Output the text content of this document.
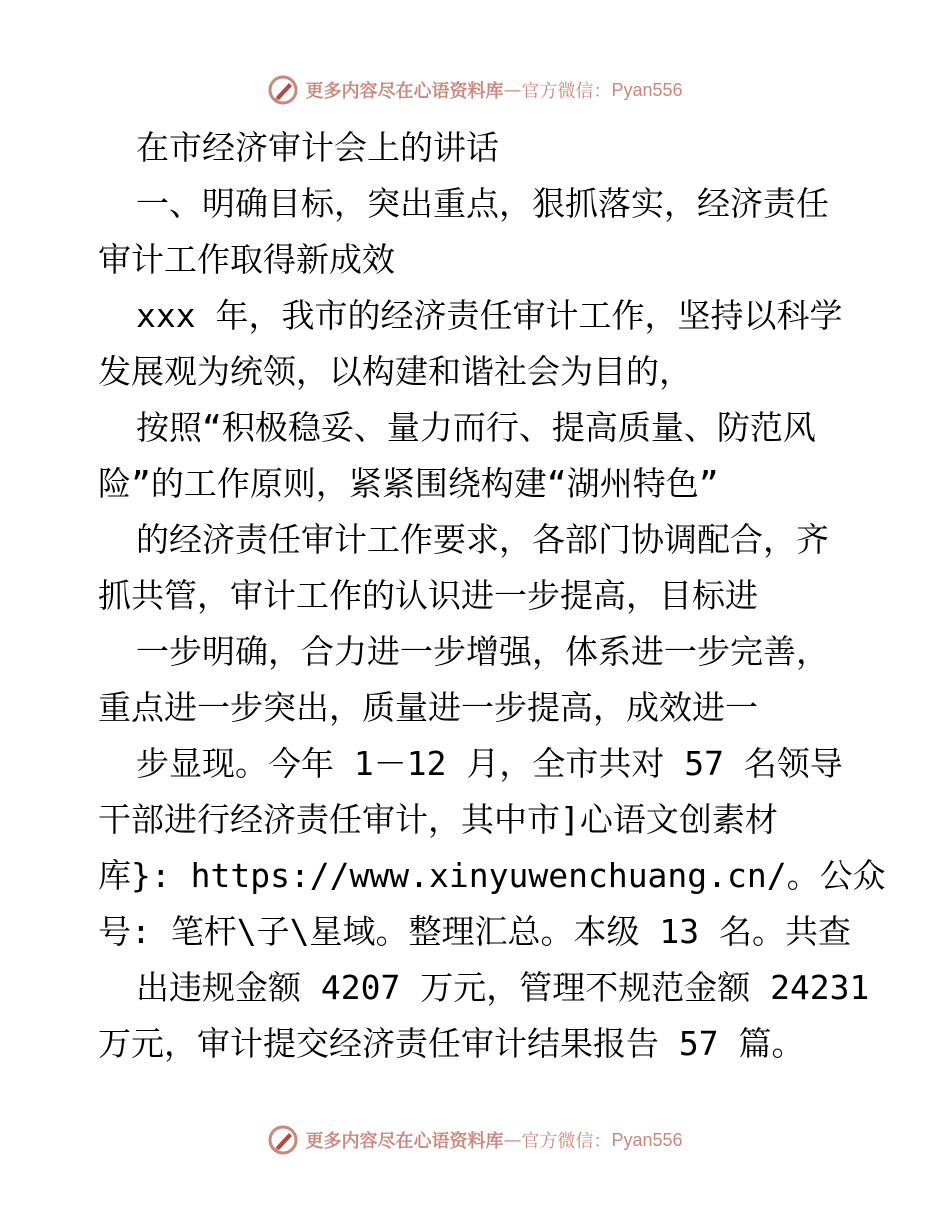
更多内容尽在心语资料库 — 官方微信： Pyan556
在市经济审计会上的讲话
一、明确目标，突出重点，狠抓落实，经济责任
审计工作取得新成效
xxx 年，我市的经济责任审计工作，坚持以科学
发展观为统领，以构建和谐社会为目的，
按照“积极稳妥、量力而行、提高质量、防范风
险”的工作原则，紧紧围绕构建“湖州特色”
的经济责任审计工作要求，各部门协调配合，齐
抓共管，审计工作的认识进一步提高，目标进
一步明确，合力进一步增强，体系进一步完善，
重点进一步突出，质量进一步提高，成效进一
步显现。今年 1－12 月，全市共对 57 名领导
干部进行经济责任审计，其中市]心语文创素材
库}: https://www.xinyuwenchuang.cn/。公众
号: 笔杆\子\星域。整理汇总。本级 13 名。共查
出违规金额 4207 万元，管理不规范金额 24231
万元，审计提交经济责任审计结果报告 57 篇。
更多内容尽在心语资料库 — 官方微信： Pyan556
